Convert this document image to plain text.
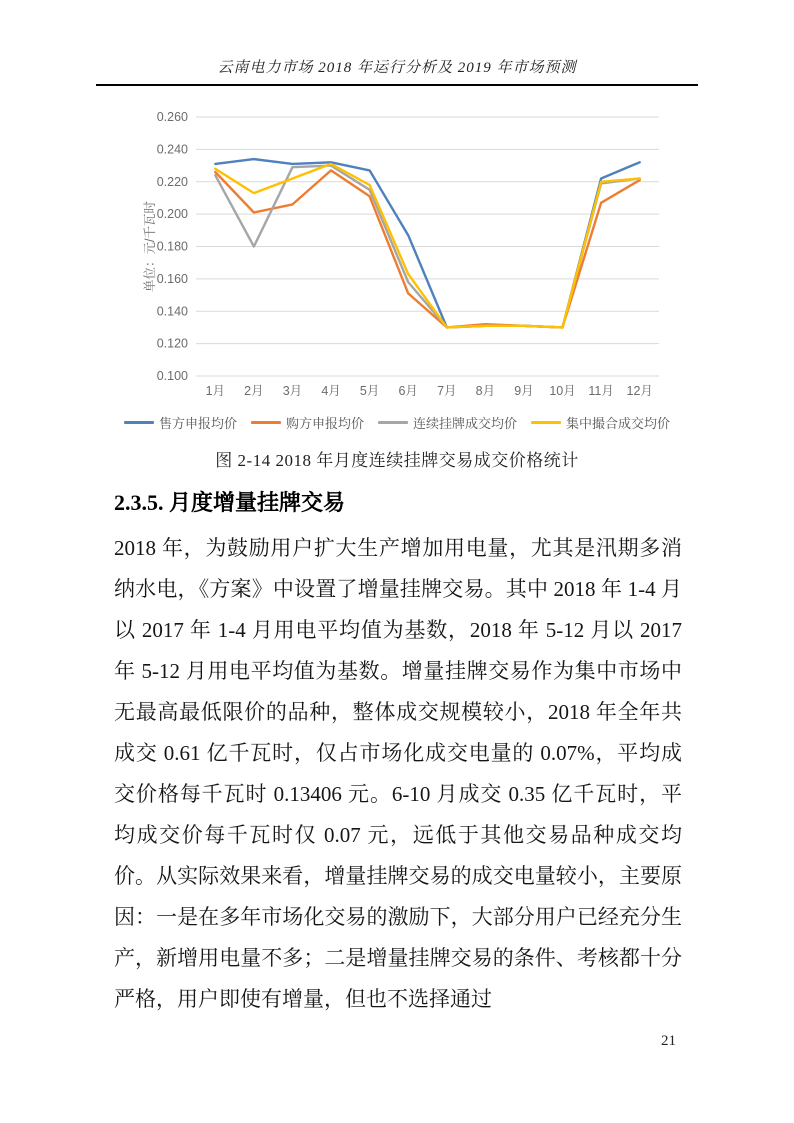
云南电力市场 2018 年运行分析及 2019 年市场预测
0.260
0.240
0.220
0.200
0.180
0.160
0.140
0.120
0.100
1月 2月 3月 4月 5月 6月 7月 8月 9月 10月 11月 12月
单位：元/千瓦时
售方申报均价	购方申报均价	连续挂牌成交均价	集中撮合成交均价
图 2-14 2018 年月度连续挂牌交易成交价格统计
2.3.5. 月度增量挂牌交易
2018 年，为鼓励用户扩大生产增加用电量，尤其是汛期多消纳水电，《方案》中设置了增量挂牌交易。其中 2018 年 1-4 月以 2017 年 1-4 月用电平均值为基数，2018 年 5-12 月以 2017 年 5-12 月用电平均值为基数。增量挂牌交易作为集中市场中无最高最低限价的品种，整体成交规模较小，2018 年全年共成交 0.61 亿千瓦时，仅占市场化成交电量的 0.07%，平均成交价格每千瓦时 0.13406 元。6-10 月成交 0.35 亿千瓦时，平均成交价每千瓦时仅 0.07 元，远低于其他交易品种成交均价。从实际效果来看，增量挂牌交易的成交电量较小，主要原因：一是在多年市场化交易的激励下，大部分用户已经充分生产，新增用电量不多；二是增量挂牌交易的条件、考核都十分严格，用户即使有增量，但也不选择通过
21
